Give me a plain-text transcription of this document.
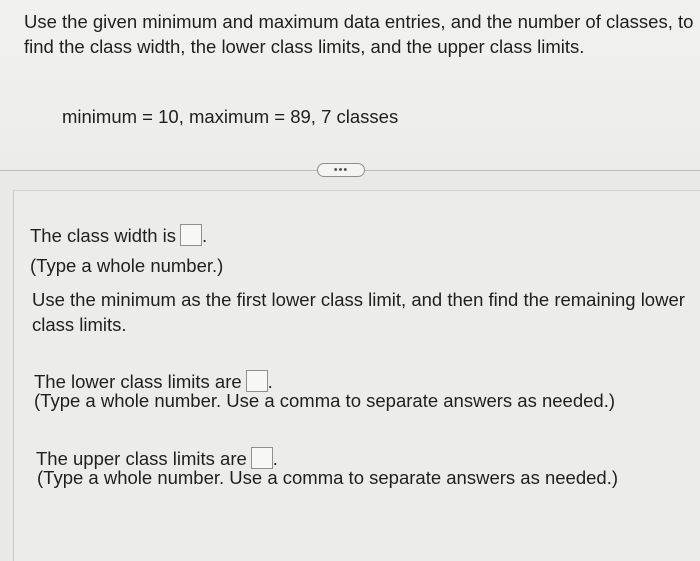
Use the given minimum and maximum data entries, and the number of classes, to find the class width, the lower class limits, and the upper class limits.
minimum = 10, maximum = 89, 7 classes
•••
The class width is .
(Type a whole number.)
Use the minimum as the first lower class limit, and then find the remaining lower class limits.
The lower class limits are .
(Type a whole number. Use a comma to separate answers as needed.)
The upper class limits are .
(Type a whole number. Use a comma to separate answers as needed.)
